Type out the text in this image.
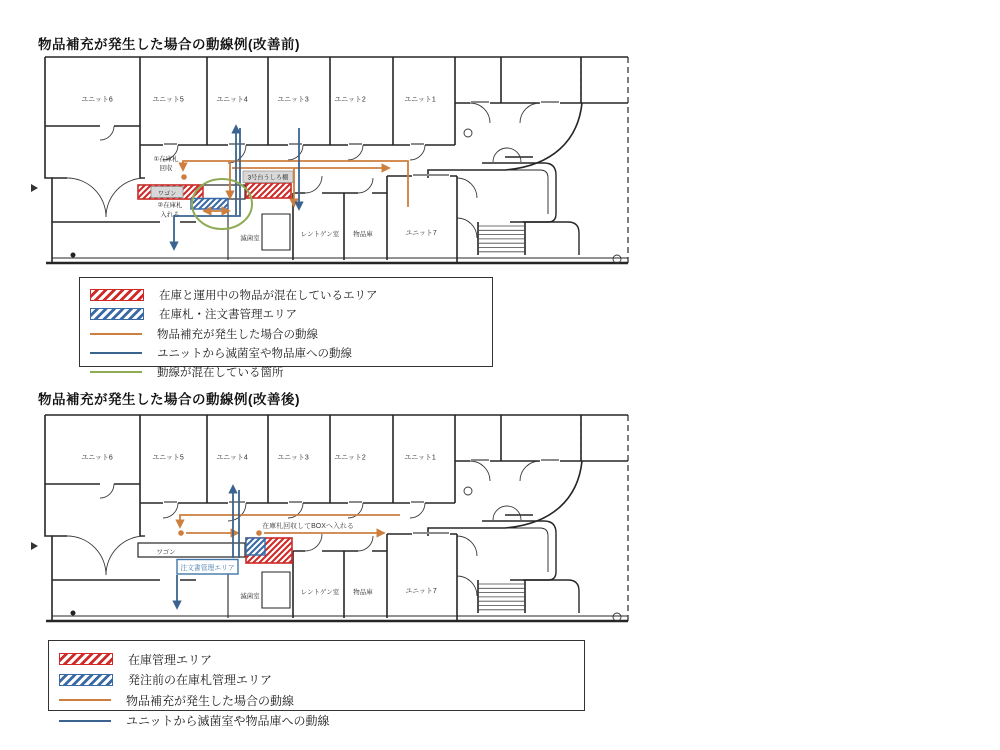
物品補充が発生した場合の動線例(改善前)
物品補充が発生した場合の動線例(改善後)
ワゴン
3号台うしろ棚
①在庫札
回収
②在庫札
入れる
ワゴン
注文書管理エリア
在庫札回収してBOXへ入れる
在庫と運用中の物品が混在しているエリア
在庫札・注文書管理エリア
物品補充が発生した場合の動線
ユニットから滅菌室や物品庫への動線
動線が混在している箇所
在庫管理エリア
発注前の在庫札管理エリア
物品補充が発生した場合の動線
ユニットから滅菌室や物品庫への動線
